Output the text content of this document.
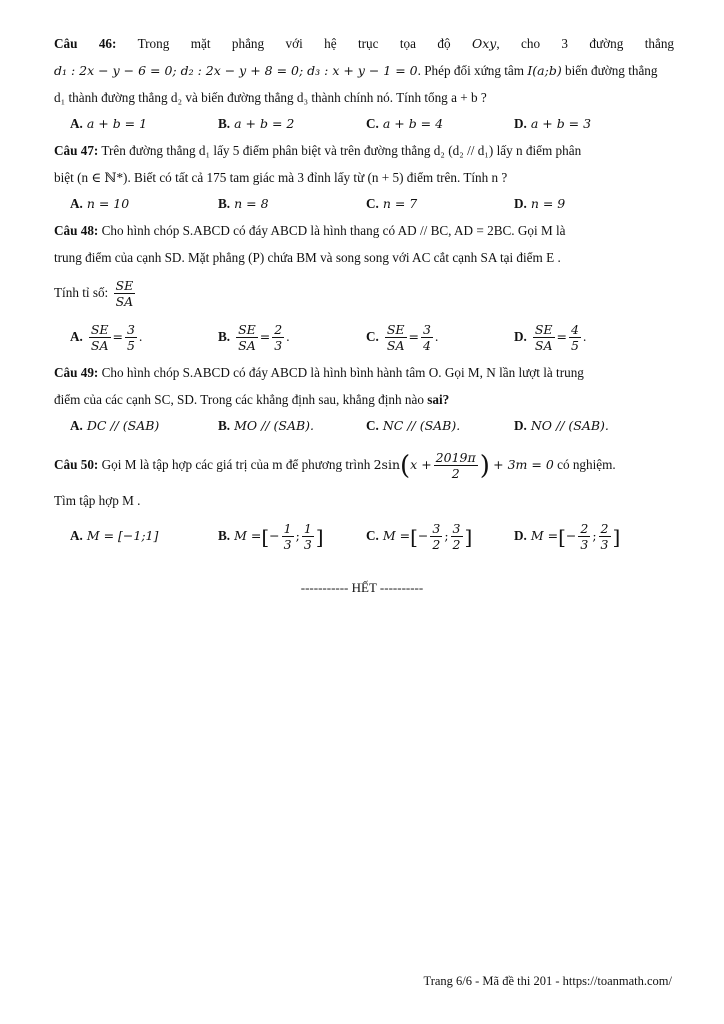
Câu 46: Trong mặt phẳng với hệ trục tọa độ Oxy, cho 3 đường thẳng

d₁ : 2x − y − 6 = 0; d₂ : 2x − y + 8 = 0; d₃ : x + y − 1 = 0. Phép đối xứng tâm I(a;b) biến đường thẳng

d₁ thành đường thẳng d₂ và biến đường thẳng d₃ thành chính nó. Tính tổng a + b ?

A. a + b = 1	B. a + b = 2	C. a + b = 4	D. a + b = 3

Câu 47: Trên đường thẳng d₁ lấy 5 điểm phân biệt và trên đường thẳng d₂ (d₂ // d₁) lấy n điểm phân

biệt (n ∈ ℕ*). Biết có tất cả 175 tam giác mà 3 đỉnh lấy từ (n + 5) điểm trên. Tính n ?

A. n = 10	B. n = 8	C. n = 7	D. n = 9

Câu 48: Cho hình chóp S.ABCD có đáy ABCD là hình thang có AD // BC, AD = 2BC. Gọi M là

trung điểm của cạnh SD. Mặt phẳng (P) chứa BM và song song với AC cắt cạnh SA tại điểm E .

Tính tỉ số: $\frac{SE}{SA}$

A. $\frac{SE}{SA} = \frac{3}{5}$ .	B. $\frac{SE}{SA} = \frac{2}{3}$ .	C. $\frac{SE}{SA} = \frac{3}{4}$ .	D. $\frac{SE}{SA} = \frac{4}{5}$ .

Câu 49: Cho hình chóp S.ABCD có đáy ABCD là hình bình hành tâm O. Gọi M, N lần lượt là trung

điểm của các cạnh SC, SD. Trong các khẳng định sau, khẳng định nào sai?

A. DC // (SAB)	B. MO // (SAB).	C. NC // (SAB).	D. NO // (SAB).

Câu 50: Gọi M là tập hợp các giá trị của m để phương trình $2\sin(x + \frac{2019\pi}{2}$ ) + 3m = 0 có nghiệm.

Tìm tập hợp M .

A. M = [−1;1]	B. M =[− $\frac{1}{3}$ ; $\frac{1}{3}$ ]	C. M =[− $\frac{3}{2}$ ; $\frac{3}{2}$ ]	D. M =[− $\frac{2}{3}$ ; $\frac{2}{3}$ ]
----------- HẾT ----------
Trang 6/6 - Mã đề thi 201 - https://toanmath.com/
